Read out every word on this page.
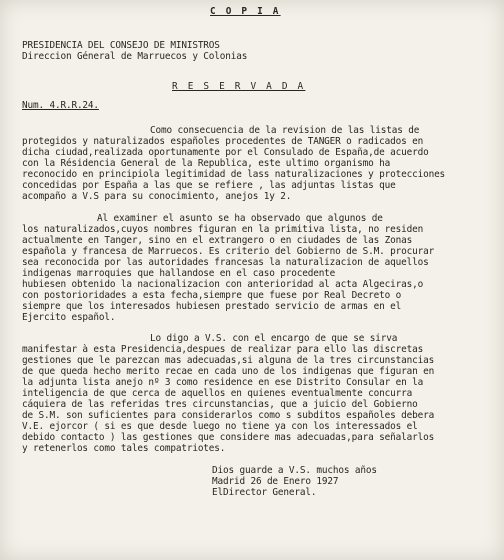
C O P I A
PRESIDENCIA DEL CONSEJO DE MINISTROS
Direccion Géneral de Marruecos y Colonias
R E S E R V A D A
Num. 4.R.R.24.
Como consecuencia de la revision de las listas de
protegidos y naturalizados españoles procedentes de TANGER o radicados en
dicha ciudad,realizada oportunamente por el Consulado de España,de acuerdo
con la Résidencia General de la Republica, este ultimo organismo ha
reconocido en principiola legitimidad de lass naturalizaciones y protecciones
concedidas por España a las que se refiere , las adjuntas listas que
acompaño a V.S para su conocimiento, anejos 1y 2.
Al examiner el asunto se ha observado que algunos de
los naturalizados,cuyos nombres figuran en la primitiva lista, no residen
actualmente en Tanger, sino en el extrangero o en ciudades de las Zonas
española y francesa de Marruecos. Es criterio del Gobierno de S.M. procurar
sea reconocida por las autoridades francesas la naturalizacion de aquellos
indigenas marroquies que hallandose en el caso procedente
hubiesen obtenido la nacionalizacion con anterioridad al acta Algeciras,o
con postorioridades a esta fecha,siempre que fuese por Real Decreto o
siempre que los interesados hubiesen prestado servicio de armas en el
Ejercito español.
Lo digo a V.S. con el encargo de que se sirva
manifestar à esta Presidencia,despues de realizar para ello las discretas
gestiones que le parezcan mas adecuadas,si alguna de la tres circunstancias
de que queda hecho merito recae en cada uno de los indigenas que figuran en
la adjunta lista anejo nº 3 como residence en ese Distrito Consular en la
inteligencia de que cerca de aquellos en quienes eventualmente concurra
cáquiera de las referidas tres circunstancias, que a juicio del Gobierno
de S.M. son suficientes para considerarlos como s subditos españoles debera
V.E. ejorcor ( si es que desde luego no tiene ya con los interessados el
debido contacto ) las gestiones que considere mas adecuadas,para señalarlos
y retenerlos como tales compatriotes.
Dios guarde a V.S. muchos años
Madrid 26 de Enero 1927
ElDirector General.
